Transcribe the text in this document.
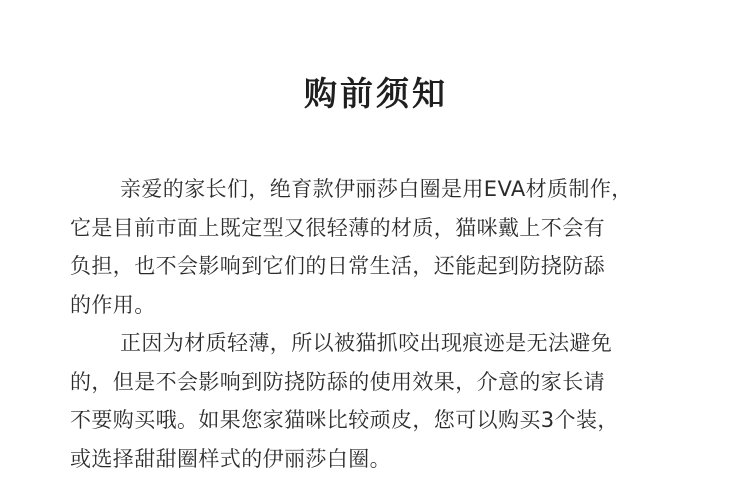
购前须知
亲爱的家长们，绝育款伊丽莎白圈是用EVA材质制作，
它是目前市面上既定型又很轻薄的材质，猫咪戴上不会有
负担，也不会影响到它们的日常生活，还能起到防挠防舔
的作用。
正因为材质轻薄，所以被猫抓咬出现痕迹是无法避免
的，但是不会影响到防挠防舔的使用效果，介意的家长请
不要购买哦。如果您家猫咪比较顽皮，您可以购买3个装，
或选择甜甜圈样式的伊丽莎白圈。
